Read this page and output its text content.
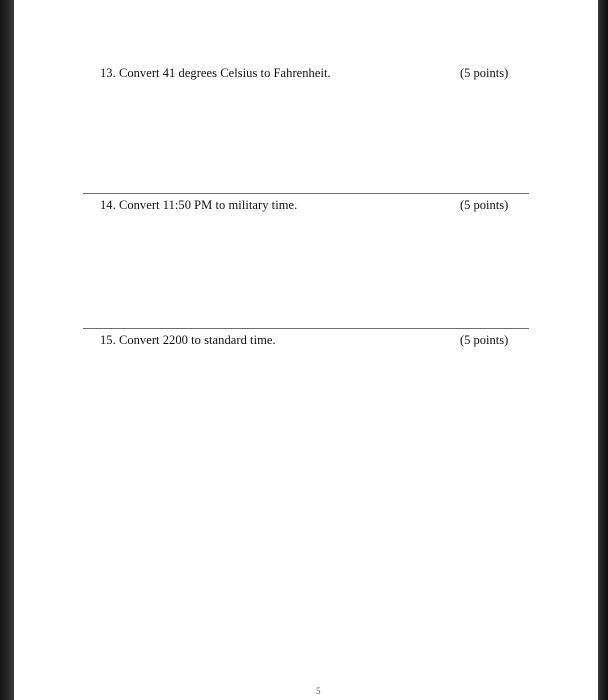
13. Convert 41 degrees Celsius to Fahrenheit.	(5 points)
14. Convert 11:50 PM to military time.	(5 points)
15. Convert 2200 to standard time.	(5 points)
5
